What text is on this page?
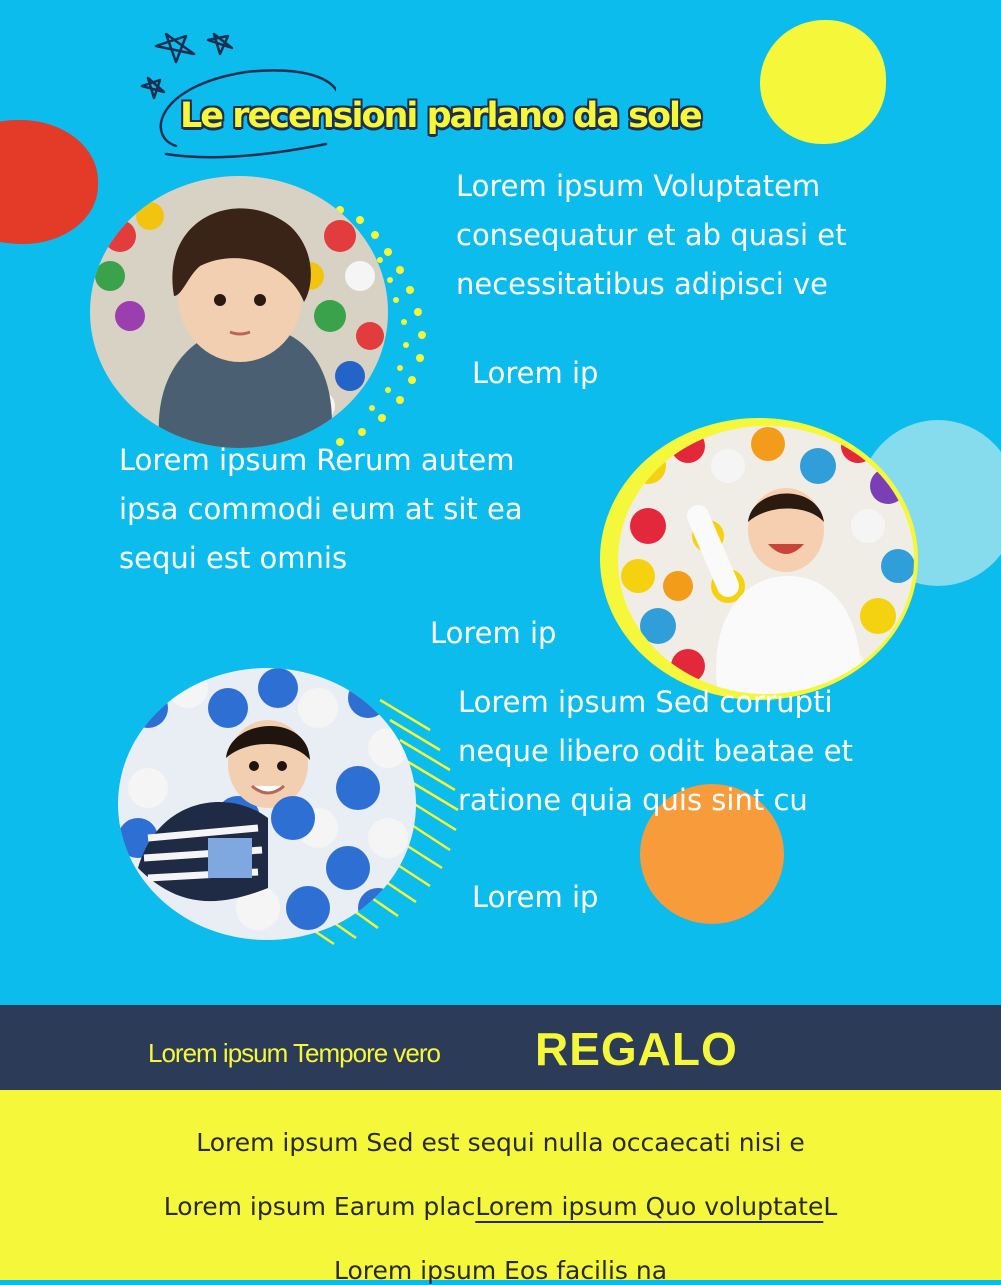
Le recensioni parlano da sole
Lorem ipsum Voluptatem consequatur et ab quasi et necessitatibus adipisci ve
Lorem ip
Lorem ipsum Rerum autem ipsa commodi eum at sit ea sequi est omnis
Lorem ip
Lorem ipsum Sed corrupti neque libero odit beatae et ratione quia quis sint cu
Lorem ip
Lorem ipsum Tempore vero REGALO
Lorem ipsum Sed est sequi nulla occaecati nisi e
Lorem ipsum Earum placLorem ipsum Quo voluptateL
Lorem ipsum Eos facilis na
